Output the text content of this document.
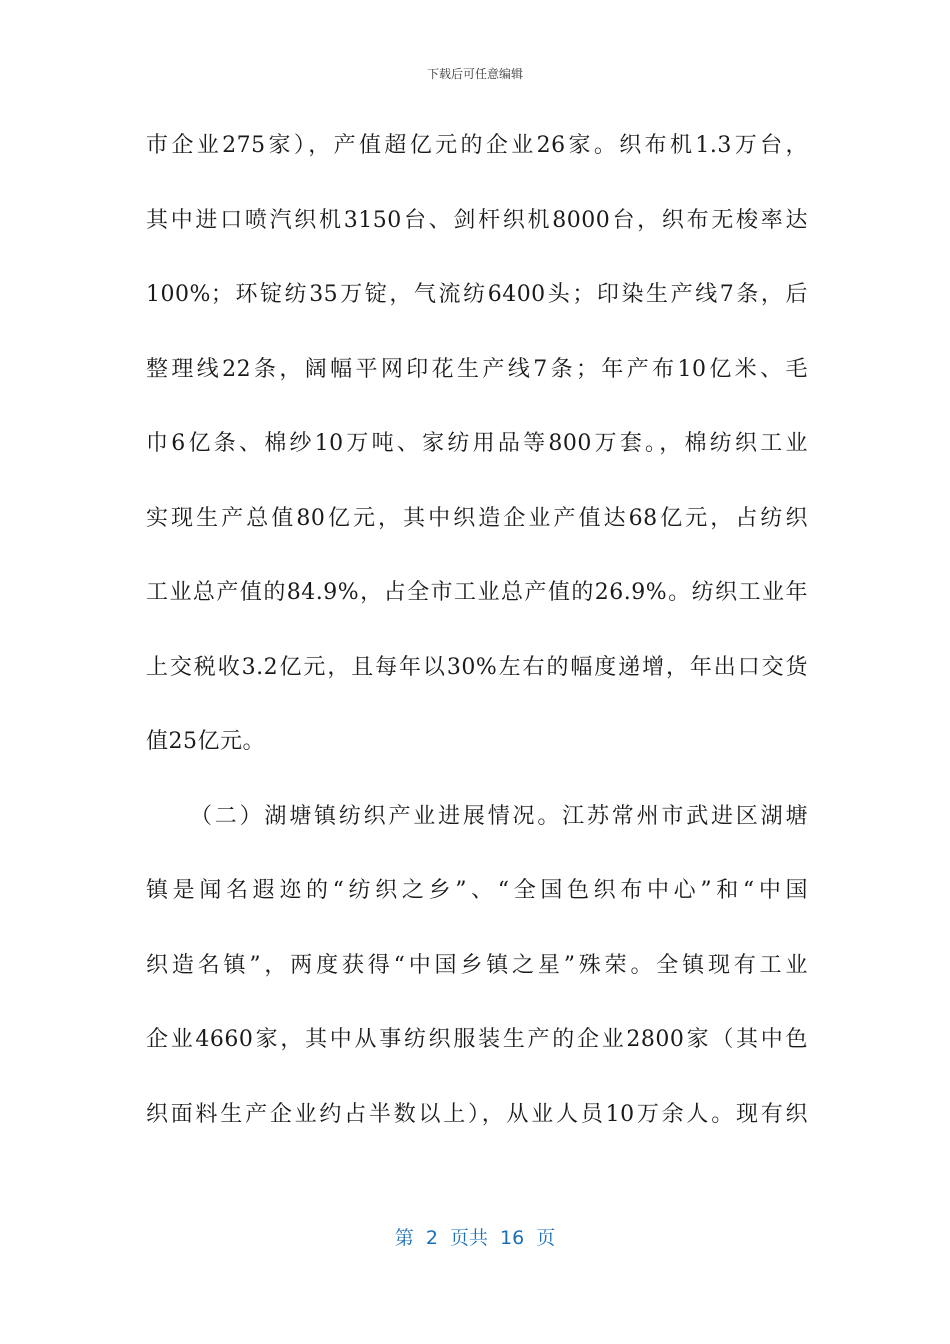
下载后可任意编辑
巿企业275家），产值超亿元的企业26家。织布机1.3万台，
其中进口喷汽织机3150台、剑杆织机8000台，织布无梭率达
100%；环锭纺35万锭，气流纺6400头；印染生产线7条，后
整理线22条，阔幅平网印花生产线7条；年产布10亿米、毛
巾6亿条、棉纱10万吨、家纺用品等800万套。，棉纺织工业
实现生产总值80亿元，其中织造企业产值达68亿元，占纺织
工业总产值的84.9%，占全市工业总产值的26.9%。纺织工业年
上交税收3.2亿元，且每年以30%左右的幅度递增，年出口交货
值25亿元。
（二）湖塘镇纺织产业进展情况。江苏常州市武进区湖塘
镇是闻名遐迩的“纺织之乡”、“全国色织布中心”和“中国
织造名镇”，两度获得“中国乡镇之星”殊荣。全镇现有工业
企业4660家，其中从事纺织服装生产的企业2800家（其中色
织面料生产企业约占半数以上），从业人员10万余人。现有织
第 2 页共 16 页
